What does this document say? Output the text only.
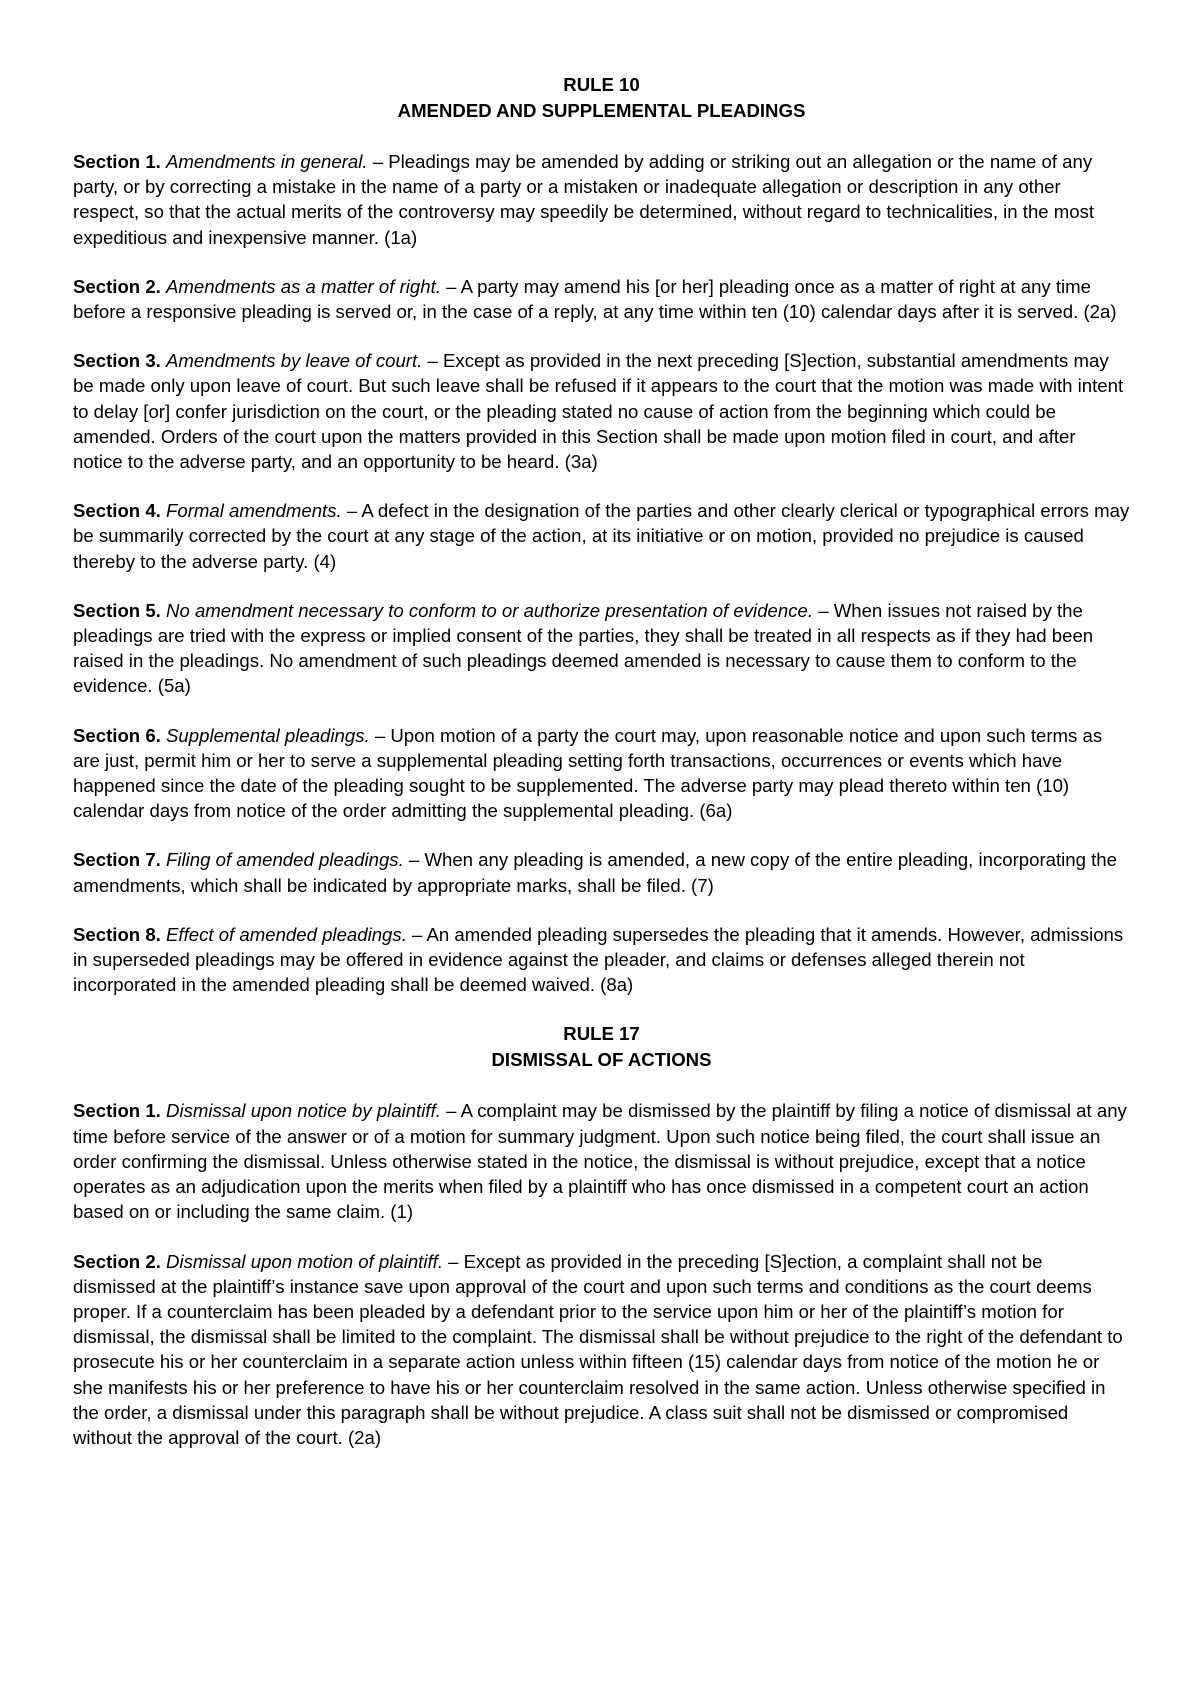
RULE 10
AMENDED AND SUPPLEMENTAL PLEADINGS

Section 1. Amendments in general. – Pleadings may be amended by adding or striking out an allegation or the name of any party, or by correcting a mistake in the name of a party or a mistaken or inadequate allegation or description in any other respect, so that the actual merits of the controversy may speedily be determined, without regard to technicalities, in the most expeditious and inexpensive manner. (1a)

Section 2. Amendments as a matter of right. – A party may amend his [or her] pleading once as a matter of right at any time before a responsive pleading is served or, in the case of a reply, at any time within ten (10) calendar days after it is served. (2a)

Section 3. Amendments by leave of court. – Except as provided in the next preceding [S]ection, substantial amendments may be made only upon leave of court. But such leave shall be refused if it appears to the court that the motion was made with intent to delay [or] confer jurisdiction on the court, or the pleading stated no cause of action from the beginning which could be amended. Orders of the court upon the matters provided in this Section shall be made upon motion filed in court, and after notice to the adverse party, and an opportunity to be heard. (3a)

Section 4. Formal amendments. – A defect in the designation of the parties and other clearly clerical or typographical errors may be summarily corrected by the court at any stage of the action, at its initiative or on motion, provided no prejudice is caused thereby to the adverse party. (4)

Section 5. No amendment necessary to conform to or authorize presentation of evidence. – When issues not raised by the pleadings are tried with the express or implied consent of the parties, they shall be treated in all respects as if they had been raised in the pleadings. No amendment of such pleadings deemed amended is necessary to cause them to conform to the evidence. (5a)

Section 6. Supplemental pleadings. – Upon motion of a party the court may, upon reasonable notice and upon such terms as are just, permit him or her to serve a supplemental pleading setting forth transactions, occurrences or events which have happened since the date of the pleading sought to be supplemented. The adverse party may plead thereto within ten (10) calendar days from notice of the order admitting the supplemental pleading. (6a)

Section 7. Filing of amended pleadings. – When any pleading is amended, a new copy of the entire pleading, incorporating the amendments, which shall be indicated by appropriate marks, shall be filed. (7)

Section 8. Effect of amended pleadings. – An amended pleading supersedes the pleading that it amends. However, admissions in superseded pleadings may be offered in evidence against the pleader, and claims or defenses alleged therein not incorporated in the amended pleading shall be deemed waived. (8a)

RULE 17
DISMISSAL OF ACTIONS

Section 1. Dismissal upon notice by plaintiff. – A complaint may be dismissed by the plaintiff by filing a notice of dismissal at any time before service of the answer or of a motion for summary judgment. Upon such notice being filed, the court shall issue an order confirming the dismissal. Unless otherwise stated in the notice, the dismissal is without prejudice, except that a notice operates as an adjudication upon the merits when filed by a plaintiff who has once dismissed in a competent court an action based on or including the same claim. (1)

Section 2. Dismissal upon motion of plaintiff. – Except as provided in the preceding [S]ection, a complaint shall not be dismissed at the plaintiff’s instance save upon approval of the court and upon such terms and conditions as the court deems proper. If a counterclaim has been pleaded by a defendant prior to the service upon him or her of the plaintiff’s motion for dismissal, the dismissal shall be limited to the complaint. The dismissal shall be without prejudice to the right of the defendant to prosecute his or her counterclaim in a separate action unless within fifteen (15) calendar days from notice of the motion he or she manifests his or her preference to have his or her counterclaim resolved in the same action. Unless otherwise specified in the order, a dismissal under this paragraph shall be without prejudice. A class suit shall not be dismissed or compromised without the approval of the court. (2a)
